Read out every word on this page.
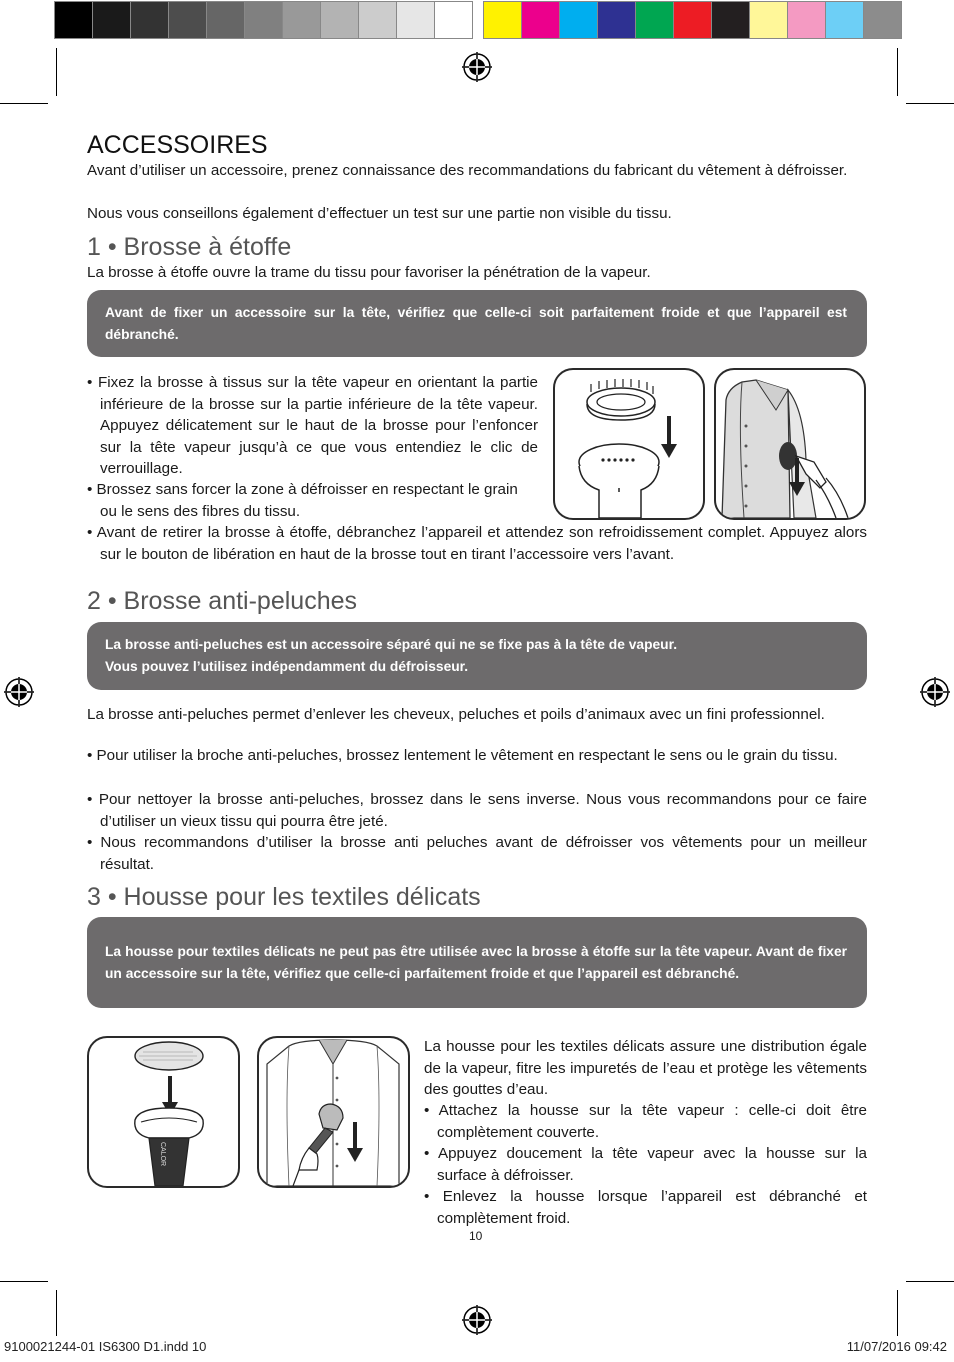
ACCESSOIRES

Avant d’utiliser un accessoire, prenez connaissance des recommandations du fabricant du vêtement à défroisser.

Nous vous conseillons également d’effectuer un test sur une partie non visible du tissu.

1 • Brosse à étoffe

La brosse à étoffe ouvre la trame du tissu pour favoriser la pénétration de la vapeur.

Avant de fixer un accessoire sur la tête, vérifiez que celle-ci soit parfaitement froide et que l’appareil est débranché.

• Fixez la brosse à tissus sur la tête vapeur en orientant la partie inférieure de la brosse sur la partie inférieure de la tête vapeur. Appuyez délicatement sur le haut de la brosse pour l’enfoncer sur la tête vapeur jusqu’à ce que vous entendiez le clic de verrouillage.

• Brossez sans forcer la zone à défroisser en respectant le grain ou le sens des fibres du tissu.

• Avant de retirer la brosse à étoffe, débranchez l’appareil et attendez son refroidissement complet. Appuyez alors sur le bouton de libération en haut de la brosse tout en tirant l’accessoire vers l’avant.

2 • Brosse anti-peluches
La brosse anti-peluches est un accessoire séparé qui ne se fixe pas à la tête de vapeur.
Vous pouvez l’utilisez indépendamment du défroisseur.

La brosse anti-peluches permet d’enlever les cheveux, peluches et poils d’animaux avec un fini professionnel.

• Pour utiliser la broche anti-peluches, brossez lentement le vêtement en respectant le sens ou le grain du tissu.

• Pour nettoyer la brosse anti-peluches, brossez dans le sens inverse. Nous vous recommandons pour ce faire d’utiliser un vieux tissu qui pourra être jeté.

• Nous recommandons d’utiliser la brosse anti peluches avant de défroisser vos vêtements pour un meilleur résultat.

3 • Housse pour les textiles délicats
La housse pour textiles délicats ne peut pas être utilisée avec la brosse à étoffe sur la tête vapeur. Avant de fixer un accessoire sur la tête, vérifiez que celle-ci parfaitement froide et que l’appareil est débranché.
CALOR

La housse pour les textiles délicats assure une distribution égale de la vapeur, fitre les impuretés de l’eau et protège les vêtements des gouttes d’eau.

• Attachez la housse sur la tête vapeur : celle-ci doit être complètement couverte.

• Appuyez doucement la tête vapeur avec la housse sur la surface à défroisser.

• Enlevez la housse lorsque l’appareil est débranché et complètement froid.

10
9100021244-01 IS6300 D1.indd 10	11/07/2016 09:42
